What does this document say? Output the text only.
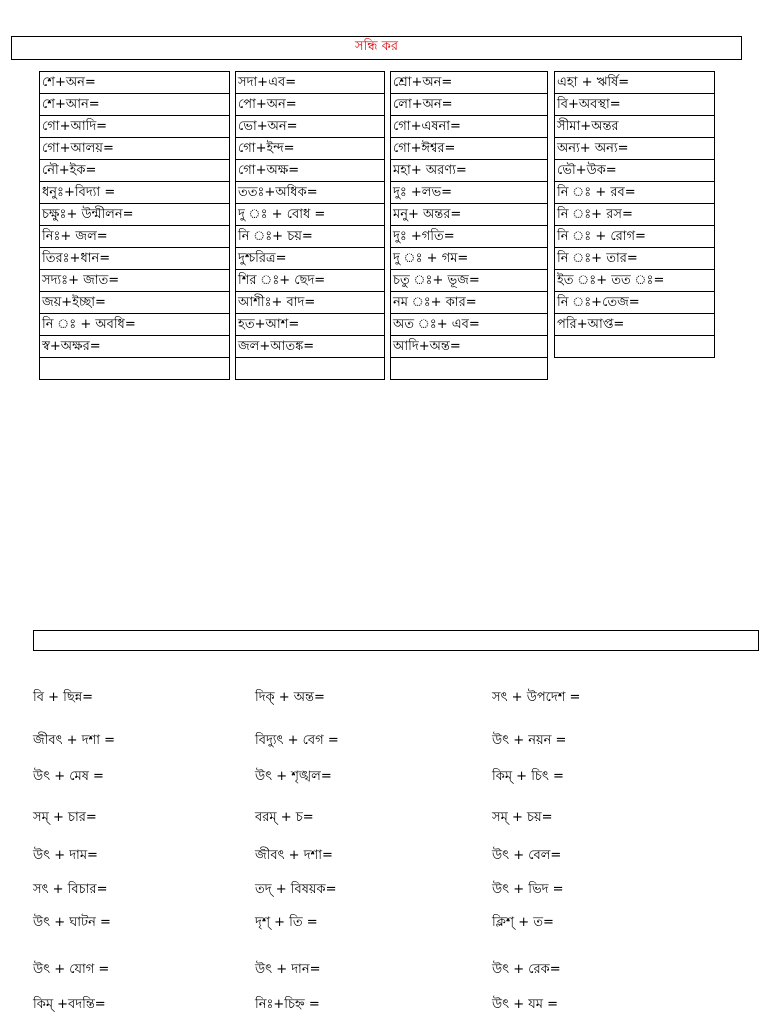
সন্ধি কর
শে+অন=
শে+আন=
গো+আদি=
গো+আলয়=
নৌ+ইক=
ধনুঃ+বিদ্যা =
চক্ষুঃ+ উন্মীলন=
নিঃ+ জল=
তিরঃ+ধান=
সদ্যঃ+ জাত=
জয়+ইচ্ছা=
নি ঃ + অবধি=
স্ব+অক্ষর=
সদা+এব=
পো+অন=
ভো+অন=
গো+ইন্দ=
গো+অক্ষ=
ততঃ+অধিক=
দু ঃ + বোধ =
নি ঃ+ চয়=
দুশ্চরিত্র=
শির ঃ+ ছেদ=
আশীঃ+ বাদ=
হত+আশ=
জল+আতঙ্ক=
শ্রো+অন=
লো+অন=
গো+এষনা=
গো+ঈশ্বর=
মহা+ অরণ্য=
দুঃ +লভ=
মনু+ অন্তর=
দুঃ +গতি=
দু ঃ + গম=
চতু ঃ+ ভূজ=
নম ঃ+ কার=
অত ঃ+ এব=
আদি+অন্ত=
এহা + ঋর্ষি=
বি+অবস্থা=
সীমা+অন্তর
অন্য+ অন্য=
ভৌ+উক=
নি ঃ + রব=
নি ঃ+ রস=
নি ঃ + রোগ=
নি ঃ+ তার=
ইত ঃ+ তত ঃ=
নি ঃ+তেজ=
পরি+আপ্ত=
বি + ছিন্ন=	দিক্ + অন্ত=	সৎ + উপদেশ =
জীবৎ + দশা =	বিদ্যুৎ + বেগ =	উৎ + নয়ন =
উৎ + মেষ =	উৎ + শৃঙ্খল=	কিম্ + চিৎ =
সম্ + চার=	বরম্ + চ=	সম্ + চয়=
উৎ + দাম=	জীবৎ + দশা=	উৎ + বেল=
সৎ + বিচার=	তদ্ + বিষয়ক=	উৎ + ভিদ =
উৎ + ঘাটন =	দৃশ্ + তি =	ক্লিশ্ + ত=
উৎ + যোগ =	উৎ + দান=	উৎ + রেক=
কিম্ +বদন্তি=	নিঃ+চিহ্ন =	উৎ + যম =
